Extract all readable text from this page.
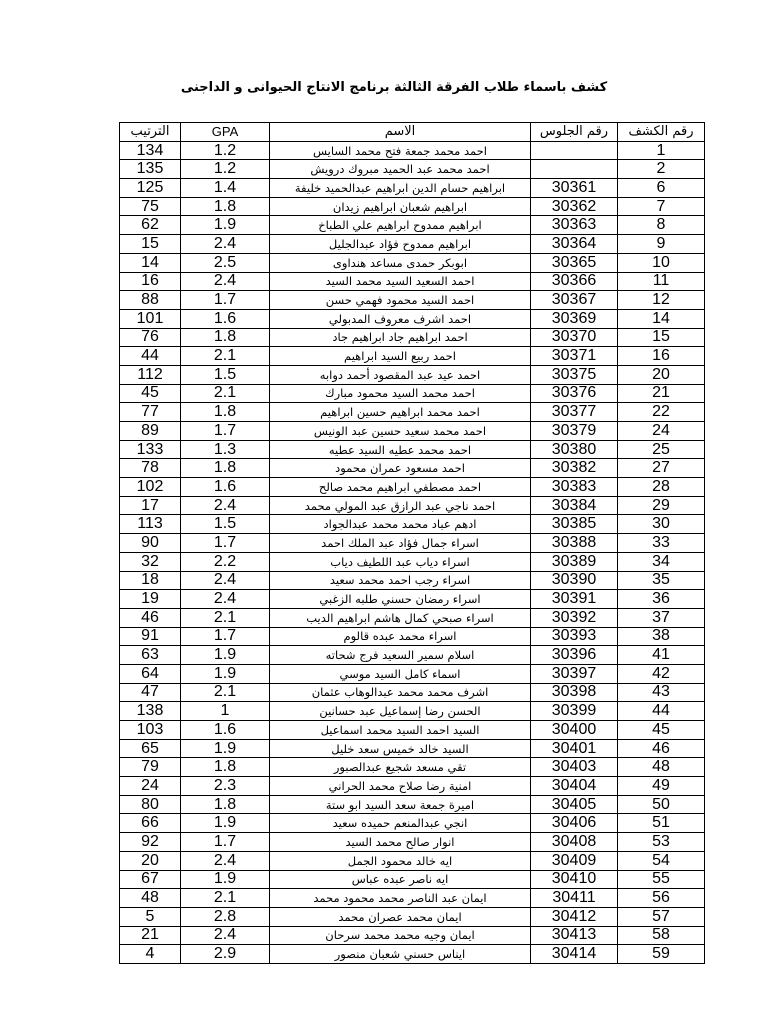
كشف باسماء طلاب الفرقة الثالثة برنامج الانتاج الحيوانى و الداجنى
الترتيب	GPA	الاسم	رقم الجلوس	رقم الكشف
134	1.2	احمد محمد جمعة فتح محمد السايس		1
135	1.2	احمد محمد عبد الحميد مبروك درويش		2
125	1.4	ابراهيم حسام الدين ابراهيم عبدالحميد خليفة	30361	6
75	1.8	ابراهيم شعبان ابراهيم زيدان	30362	7
62	1.9	ابراهيم ممدوح ابراهيم علي الطباخ	30363	8
15	2.4	ابراهيم ممدوح فؤاد عبدالجليل	30364	9
14	2.5	ابوبكر حمدى مساعد هنداوى	30365	10
16	2.4	احمد السعيد السيد محمد السيد	30366	11
88	1.7	احمد السيد محمود فهمي حسن	30367	12
101	1.6	احمد اشرف معروف المدبولي	30369	14
76	1.8	احمد ابراهيم جاد ابراهيم جاد	30370	15
44	2.1	احمد ربيع السيد ابراهيم	30371	16
112	1.5	احمد عيد عبد المقصود أحمد دوابه	30375	20
45	2.1	احمد محمد السيد محمود مبارك	30376	21
77	1.8	احمد محمد ابراهيم حسين ابراهيم	30377	22
89	1.7	احمد محمد سعيد حسين عبد الونيس	30379	24
133	1.3	احمد محمد عطيه السيد عطيه	30380	25
78	1.8	احمد مسعود عمران محمود	30382	27
102	1.6	احمد مصطفي ابراهيم محمد صالح	30383	28
17	2.4	احمد ناجي عبد الرازق عبد المولي محمد	30384	29
113	1.5	ادهم عباد محمد محمد عبدالجواد	30385	30
90	1.7	اسراء جمال فؤاد عبد الملك احمد	30388	33
32	2.2	اسراء دياب عبد اللطيف دياب	30389	34
18	2.4	اسراء رجب احمد محمد سعيد	30390	35
19	2.4	اسراء رمضان حسني طلبه الزغبي	30391	36
46	2.1	اسراء صبحي كمال هاشم ابراهيم الديب	30392	37
91	1.7	اسراء محمد عبده قالوم	30393	38
63	1.9	اسلام سمير السعيد فرج شحاته	30396	41
64	1.9	اسماء كامل السيد موسي	30397	42
47	2.1	اشرف محمد محمد عبدالوهاب عثمان	30398	43
138	1	الحسن رضا إسماعيل عبد حسانين	30399	44
103	1.6	السيد احمد السيد محمد اسماعيل	30400	45
65	1.9	السيد خالد خميس سعد خليل	30401	46
79	1.8	تقي مسعد شجيع عبدالصبور	30403	48
24	2.3	امنية رضا صلاح محمد الحراني	30404	49
80	1.8	اميرة جمعة سعد السيد ابو ستة	30405	50
66	1.9	انجي عبدالمنعم حميده سعيد	30406	51
92	1.7	انوار صالح محمد السيد	30408	53
20	2.4	ايه خالد محمود الجمل	30409	54
67	1.9	ايه ناصر عبده عباس	30410	55
48	2.1	ايمان عبد الناصر محمد محمود محمد	30411	56
5	2.8	ايمان محمد عصران محمد	30412	57
21	2.4	ايمان وجيه محمد محمد سرحان	30413	58
4	2.9	ايناس حسني شعبان منصور	30414	59
